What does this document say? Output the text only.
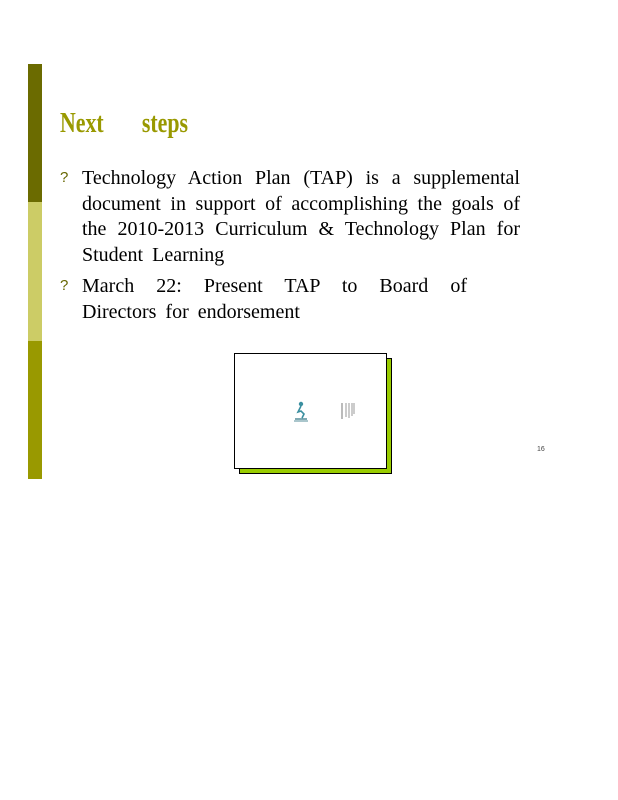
Next steps
? Technology Action Plan (TAP) is a supplemental document in support of accomplishing the goals of the 2010-2013 Curriculum & Technology Plan for Student Learning
? March 22: Present TAP to Board of Directors for endorsement
16
